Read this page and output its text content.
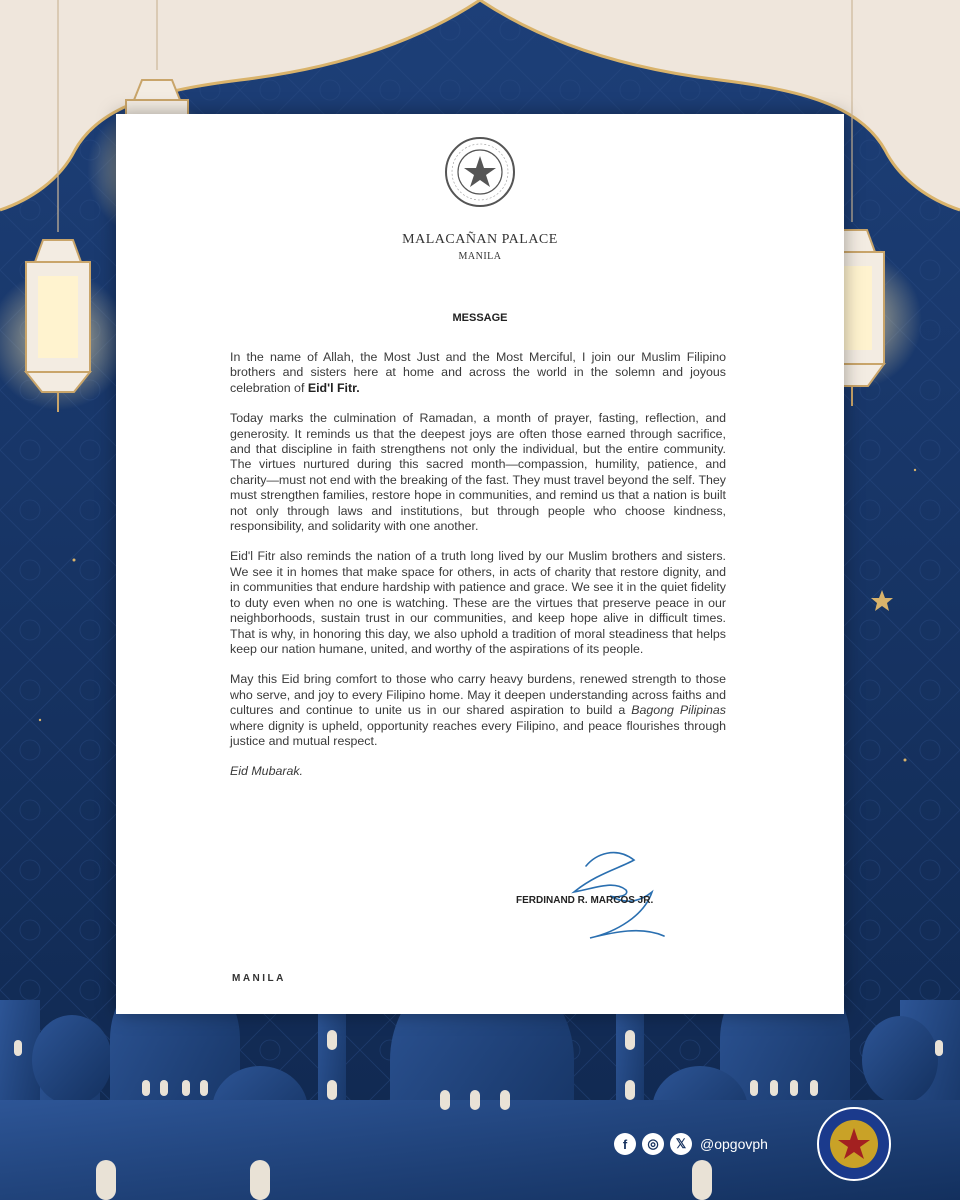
MALACAÑAN PALACE
MANILA
MESSAGE

In the name of Allah, the Most Just and the Most Merciful, I join our Muslim Filipino brothers and sisters here at home and across the world in the solemn and joyous celebration of Eid'l Fitr.

Today marks the culmination of Ramadan, a month of prayer, fasting, reflection, and generosity. It reminds us that the deepest joys are often those earned through sacrifice, and that discipline in faith strengthens not only the individual, but the entire community. The virtues nurtured during this sacred month—compassion, humility, patience, and charity—must not end with the breaking of the fast. They must travel beyond the self. They must strengthen families, restore hope in communities, and remind us that a nation is built not only through laws and institutions, but through people who choose kindness, responsibility, and solidarity with one another.

Eid'l Fitr also reminds the nation of a truth long lived by our Muslim brothers and sisters. We see it in homes that make space for others, in acts of charity that restore dignity, and in communities that endure hardship with patience and grace. We see it in the quiet fidelity to duty even when no one is watching. These are the virtues that preserve peace in our neighborhoods, sustain trust in our communities, and keep hope alive in difficult times. That is why, in honoring this day, we also uphold a tradition of moral steadiness that helps keep our nation humane, united, and worthy of the aspirations of its people.

May this Eid bring comfort to those who carry heavy burdens, renewed strength to those who serve, and joy to every Filipino home. May it deepen understanding across faiths and cultures and continue to unite us in our shared aspiration to build a Bagong Pilipinas where dignity is upheld, opportunity reaches every Filipino, and peace flourishes through justice and mutual respect.

Eid Mubarak.

FERDINAND R. MARCOS JR.
MANILA
f	◎	𝕏 @opgovph
